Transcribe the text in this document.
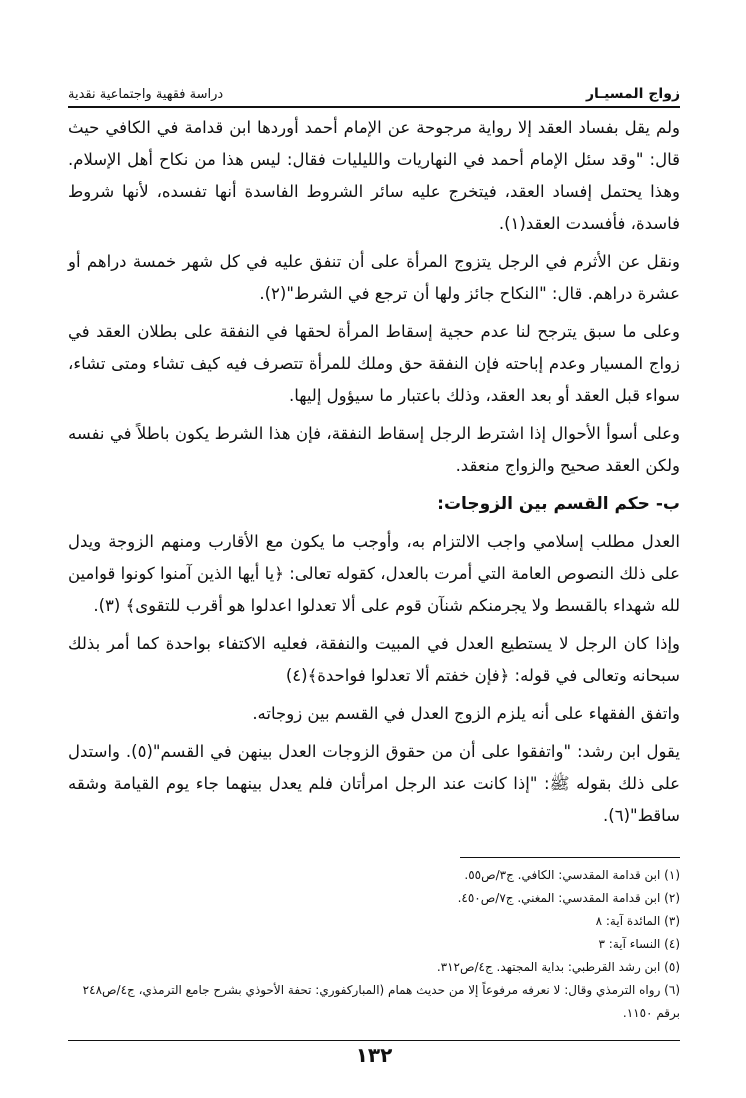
زواج المسيـار
دراسة فقهية واجتماعية نقدية

ولم يقل بفساد العقد إلا رواية مرجوحة عن الإمام أحمد أوردها ابن قدامة في الكافي حيث قال: "وقد سئل الإمام أحمد في النهاريات والليليات فقال: ليس هذا من نكاح أهل الإسلام. وهذا يحتمل إفساد العقد، فيتخرج عليه سائر الشروط الفاسدة أنها تفسده، لأنها شروط فاسدة، فأفسدت العقد(١).

ونقل عن الأثرم في الرجل يتزوج المرأة على أن تنفق عليه في كل شهر خمسة دراهم أو عشرة دراهم. قال: "النكاح جائز ولها أن ترجع في الشرط"(٢).

وعلى ما سبق يترجح لنا عدم حجية إسقاط المرأة لحقها في النفقة على بطلان العقد في زواج المسيار وعدم إباحته فإن النفقة حق وملك للمرأة تتصرف فيه كيف تشاء ومتى تشاء، سواء قبل العقد أو بعد العقد، وذلك باعتبار ما سيؤول إليها.

وعلى أسوأ الأحوال إذا اشترط الرجل إسقاط النفقة، فإن هذا الشرط يكون باطلاً في نفسه ولكن العقد صحيح والزواج منعقد.

ب- حكم القسم بين الزوجات:

العدل مطلب إسلامي واجب الالتزام به، وأوجب ما يكون مع الأقارب ومنهم الزوجة ويدل على ذلك النصوص العامة التي أمرت بالعدل، كقوله تعالى: ﴿يا أيها الذين آمنوا كونوا قوامين لله شهداء بالقسط ولا يجرمنكم شنآن قوم على ألا تعدلوا اعدلوا هو أقرب للتقوى﴾ (٣).

وإذا كان الرجل لا يستطيع العدل في المبيت والنفقة، فعليه الاكتفاء بواحدة كما أمر بذلك سبحانه وتعالى في قوله: ﴿فإن خفتم ألا تعدلوا فواحدة﴾(٤)

واتفق الفقهاء على أنه يلزم الزوج العدل في القسم بين زوجاته.

يقول ابن رشد: "واتفقوا على أن من حقوق الزوجات العدل بينهن في القسم"(٥). واستدل على ذلك بقوله ﷺ: "إذا كانت عند الرجل امرأتان فلم يعدل بينهما جاء يوم القيامة وشقه ساقط"(٦).

(١) ابن قدامة المقدسي: الكافي. ج٣/ص٥٥.

(٢) ابن قدامة المقدسي: المغني. ج٧/ص٤٥٠.

(٣) المائدة آية: ٨

(٤) النساء آية: ٣

(٥) ابن رشد القرطبي: بداية المجتهد. ج٤/ص٣١٢.

(٦) رواه الترمذي وقال: لا نعرفه مرفوعاً إلا من حديث همام (المباركفوري: تحفة الأحوذي بشرح جامع الترمذي، ج٤/ص٢٤٨ برقم ١١٥٠.

١٣٢
